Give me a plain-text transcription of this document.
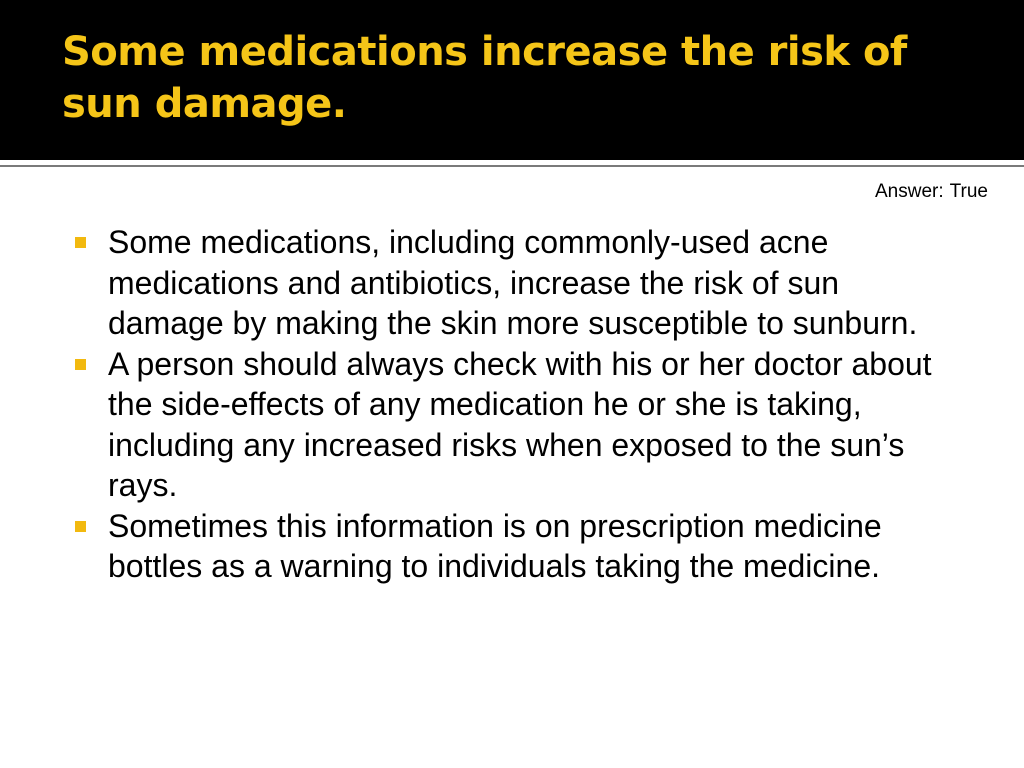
Some medications increase the risk of sun damage.
Answer: True
Some medications, including commonly-used acne medications and antibiotics, increase the risk of sun damage by making the skin more susceptible to sunburn.
A person should always check with his or her doctor about the side-effects of any medication he or she is taking, including any increased risks when exposed to the sun’s rays.
Sometimes this information is on prescription medicine bottles as a warning to individuals taking the medicine.
